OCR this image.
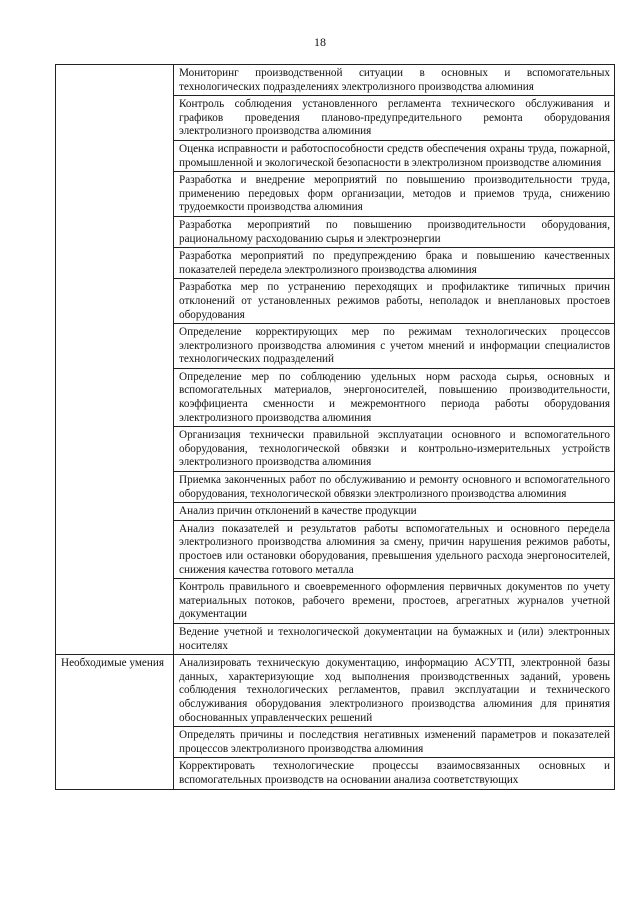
18
	Мониторинг производственной ситуации в основных и вспомогательных технологических подразделениях электролизного производства алюминия
	Контроль соблюдения установленного регламента технического обслуживания и графиков проведения планово-предупредительного ремонта оборудования электролизного производства алюминия
	Оценка исправности и работоспособности средств обеспечения охраны труда, пожарной, промышленной и экологической безопасности в электролизном производстве алюминия
	Разработка и внедрение мероприятий по повышению производительности труда, применению передовых форм организации, методов и приемов труда, снижению трудоемкости производства алюминия
	Разработка мероприятий по повышению производительности оборудования, рациональному расходованию сырья и электроэнергии
	Разработка мероприятий по предупреждению брака и повышению качественных показателей передела электролизного производства алюминия
	Разработка мер по устранению переходящих и профилактике типичных причин отклонений от установленных режимов работы, неполадок и внеплановых простоев оборудования
	Определение корректирующих мер по режимам технологических процессов электролизного производства алюминия с учетом мнений и информации специалистов технологических подразделений
	Определение мер по соблюдению удельных норм расхода сырья, основных и вспомогательных материалов, энергоносителей, повышению производительности, коэффициента сменности и межремонтного периода работы оборудования электролизного производства алюминия
	Организация технически правильной эксплуатации основного и вспомогательного оборудования, технологической обвязки и контрольно-измерительных устройств электролизного производства алюминия
	Приемка законченных работ по обслуживанию и ремонту основного и вспомогательного оборудования, технологической обвязки электролизного производства алюминия
	Анализ причин отклонений в качестве продукции
	Анализ показателей и результатов работы вспомогательных и основного передела электролизного производства алюминия за смену, причин нарушения режимов работы, простоев или остановки оборудования, превышения удельного расхода энергоносителей, снижения качества готового металла
	Контроль правильного и своевременного оформления первичных документов по учету материальных потоков, рабочего времени, простоев, агрегатных журналов учетной документации
	Ведение учетной и технологической документации на бумажных и (или) электронных носителях
Необходимые умения	Анализировать техническую документацию, информацию АСУТП, электронной базы данных, характеризующие ход выполнения производственных заданий, уровень соблюдения технологических регламентов, правил эксплуатации и технического обслуживания оборудования электролизного производства алюминия для принятия обоснованных управленческих решений
	Определять причины и последствия негативных изменений параметров и показателей процессов электролизного производства алюминия
	Корректировать технологические процессы взаимосвязанных основных и вспомогательных производств на основании анализа соответствующих
